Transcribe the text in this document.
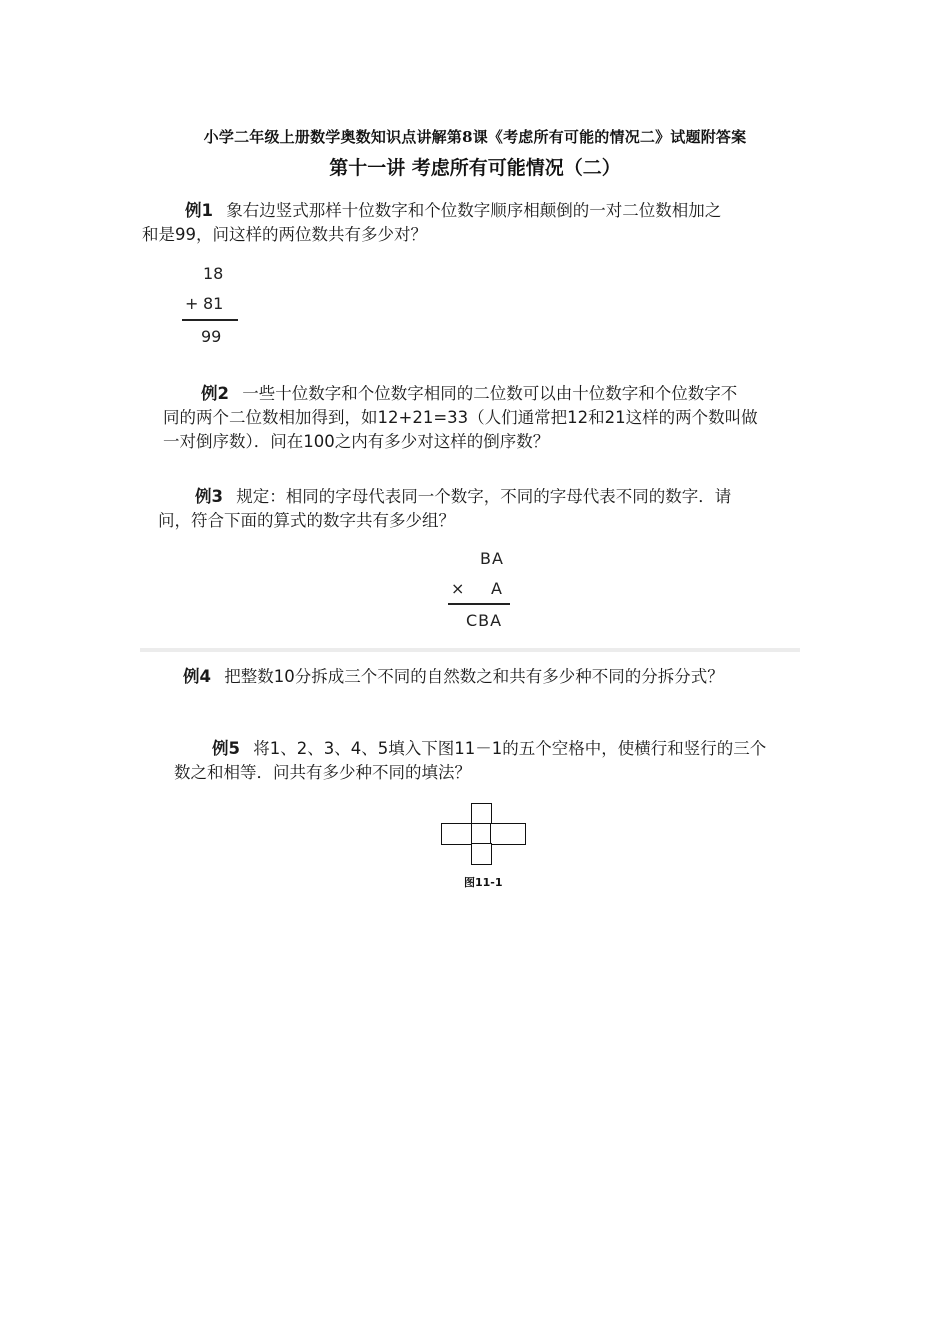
小学二年级上册数学奥数知识点讲解第8课《考虑所有可能的情况二》试题附答案
第十一讲 考虑所有可能情况（二）
例1 象右边竖式那样十位数字和个位数字顺序相颠倒的一对二位数相加之
和是99，问这样的两位数共有多少对？
18
+ 81
99
例2 一些十位数字和个位数字相同的二位数可以由十位数字和个位数字不
同的两个二位数相加得到，如12+21=33（人们通常把12和21这样的两个数叫做
一对倒序数）．问在100之内有多少对这样的倒序数？
例3 规定：相同的字母代表同一个数字，不同的字母代表不同的数字．请
问，符合下面的算式的数字共有多少组？
BA
× A
CBA
例4 把整数10分拆成三个不同的自然数之和共有多少种不同的分拆分式？
例5 将1、2、3、4、5填入下图11－1的五个空格中，使横行和竖行的三个
数之和相等．问共有多少种不同的填法？
图11-1
